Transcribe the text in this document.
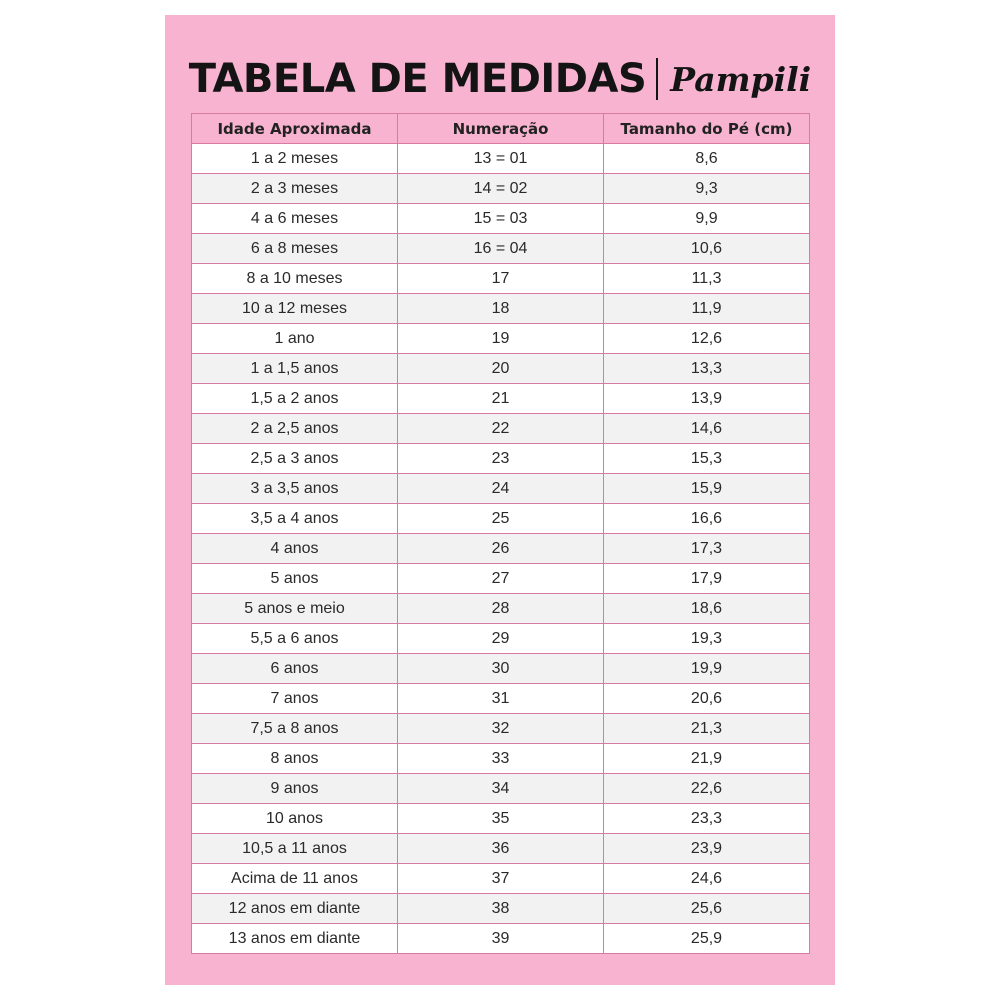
TABELA DE MEDIDAS Pampili
Idade Aproximada	Numeração	Tamanho do Pé (cm)
1 a 2 meses	13 = 01	8,6
2 a 3 meses	14 = 02	9,3
4 a 6 meses	15 = 03	9,9
6 a 8 meses	16 = 04	10,6
8 a 10 meses	17	11,3
10 a 12 meses	18	11,9
1 ano	19	12,6
1 a 1,5 anos	20	13,3
1,5 a 2 anos	21	13,9
2 a 2,5 anos	22	14,6
2,5 a 3 anos	23	15,3
3 a 3,5 anos	24	15,9
3,5 a 4 anos	25	16,6
4 anos	26	17,3
5 anos	27	17,9
5 anos e meio	28	18,6
5,5 a 6 anos	29	19,3
6 anos	30	19,9
7 anos	31	20,6
7,5 a 8 anos	32	21,3
8 anos	33	21,9
9 anos	34	22,6
10 anos	35	23,3
10,5 a 11 anos	36	23,9
Acima de 11 anos	37	24,6
12 anos em diante	38	25,6
13 anos em diante	39	25,9
